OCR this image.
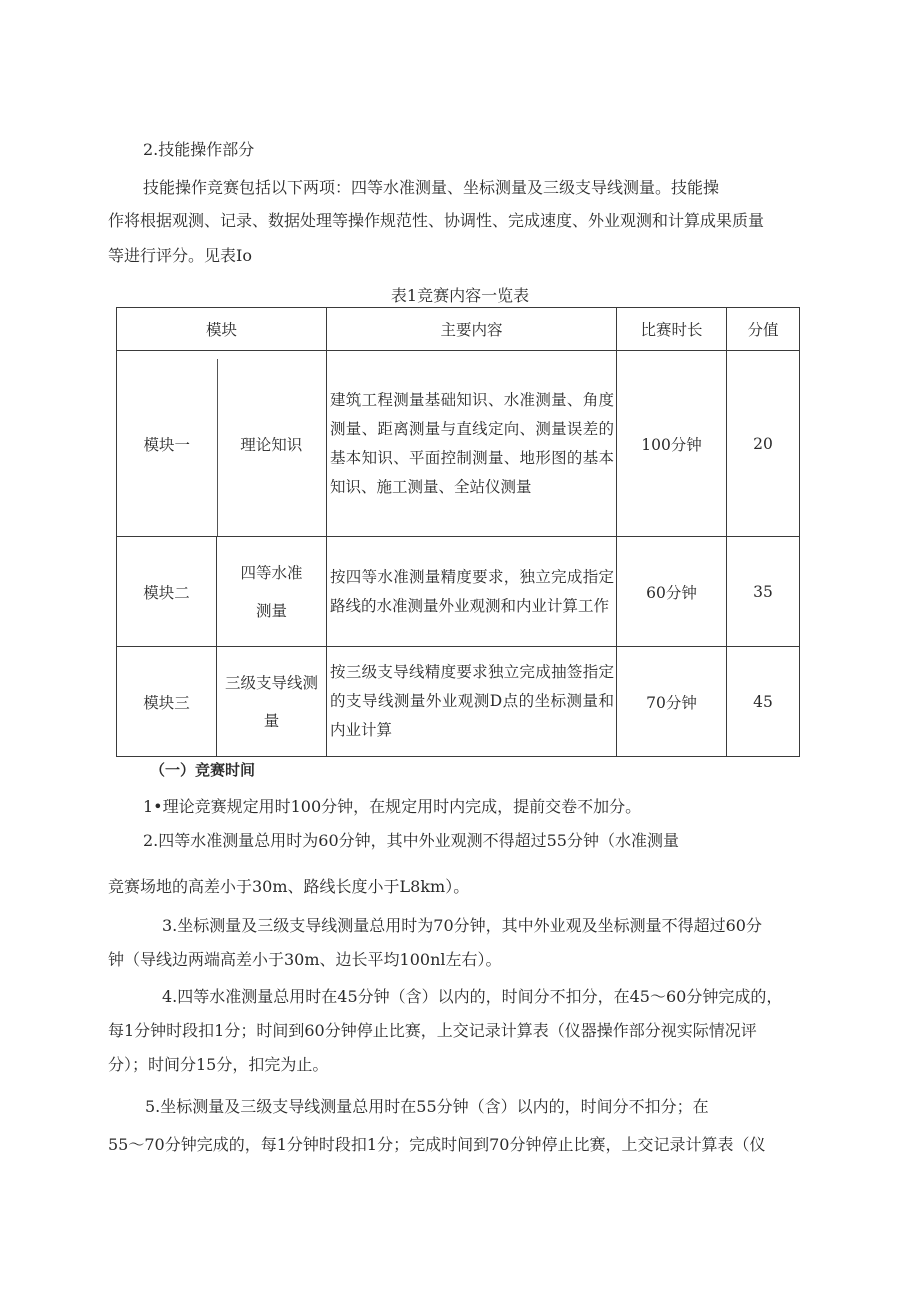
2.技能操作部分
技能操作竞赛包括以下两项：四等水准测量、坐标测量及三级支导线测量。技能操
作将根据观测、记录、数据处理等操作规范性、协调性、完成速度、外业观测和计算成果质量
等进行评分。见表Io
表1竞赛内容一览表
模块		主要内容	比赛时长	分值
模块一	理论知识	建筑工程测量基础知识、水准测量、角度测量、距离测量与直线定向、测量误差的基本知识、平面控制测量、地形图的基本知识、施工测量、全站仪测量	100分钟	20
模块二	四等水准
测量	按四等水准测量精度要求，独立完成指定路线的水准测量外业观测和内业计算工作	60分钟	35
模块三	三级支导线测
量	按三级支导线精度要求独立完成抽签指定的支导线测量外业观测D点的坐标测量和内业计算	70分钟	45
（一）竞赛时间
1•理论竞赛规定用时100分钟，在规定用时内完成，提前交卷不加分。
2.四等水准测量总用时为60分钟，其中外业观测不得超过55分钟（水准测量
竞赛场地的高差小于30m、路线长度小于L8km）。
3.坐标测量及三级支导线测量总用时为70分钟，其中外业观及坐标测量不得超过60分
钟（导线边两端高差小于30m、边长平均100nl左右）。
4.四等水准测量总用时在45分钟（含）以内的，时间分不扣分，在45～60分钟完成的，
每1分钟时段扣1分；时间到60分钟停止比赛，上交记录计算表（仪器操作部分视实际情况评
分）；时间分15分，扣完为止。
5.坐标测量及三级支导线测量总用时在55分钟（含）以内的，时间分不扣分；在
55～70分钟完成的，每1分钟时段扣1分；完成时间到70分钟停止比赛，上交记录计算表（仪
